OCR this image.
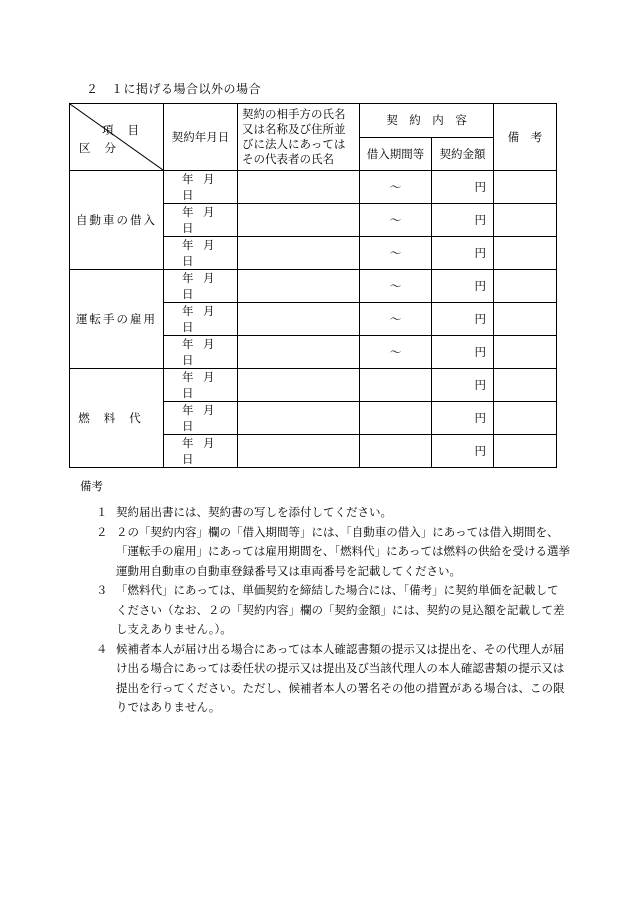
２　１に掲げる場合以外の場合
項目
区分	契約年月日	契約の相手方の氏名又は名称及び住所並びに法人にあってはその代表者の氏名	契　約　内　容		備　考
			借入期間等	契約金額	
自動車の借入	年 月日		～	円	
	年 月日		～	円	
	年 月日		～	円	
運転手の雇用	年 月日		～	円	
	年 月日		～	円	
	年 月日		～	円	
燃料代	年 月日			円	
	年 月日			円	
	年 月日			円	
備考
１ 契約届出書には、契約書の写しを添付してください。
２ ２の「契約内容」欄の「借入期間等」には、「自動車の借入」にあっては借入期間を、「運転手の雇用」にあっては雇用期間を、「燃料代」にあっては燃料の供給を受ける選挙運動用自動車の自動車登録番号又は車両番号を記載してください。
３ 「燃料代」にあっては、単価契約を締結した場合には、「備考」に契約単価を記載してください（なお、２の「契約内容」欄の「契約金額」には、契約の見込額を記載して差し支えありません。）。
４ 候補者本人が届け出る場合にあっては本人確認書類の提示又は提出を、その代理人が届け出る場合にあっては委任状の提示又は提出及び当該代理人の本人確認書類の提示又は提出を行ってください。ただし、候補者本人の署名その他の措置がある場合は、この限りではありません。
